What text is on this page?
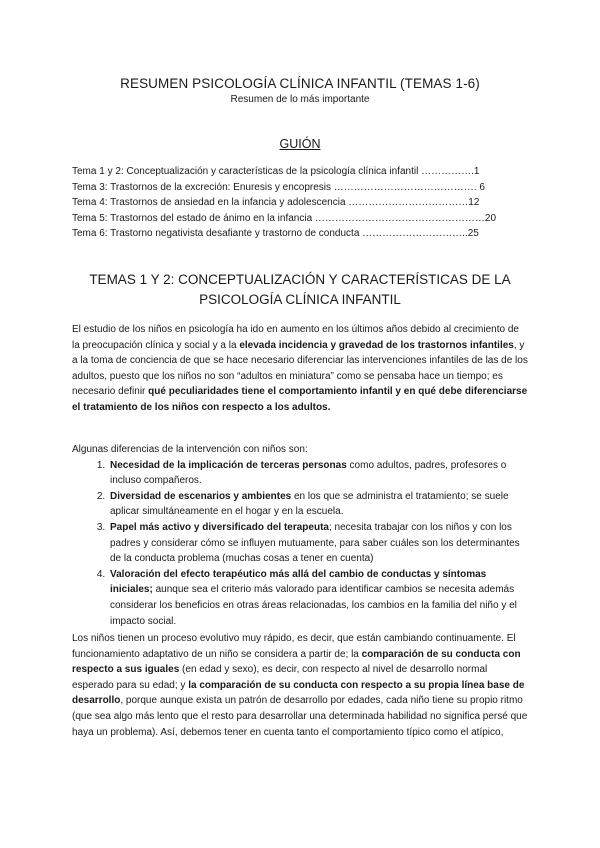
RESUMEN PSICOLOGÍA CLÍNICA INFANTIL (TEMAS 1-6)
Resumen de lo más importante
GUIÓN
Tema 1 y 2: Conceptualización y características de la psicología clínica infantil …………….1
Tema 3: Trastornos de la excreción: Enuresis y encopresis ……………………………………. 6
Tema 4: Trastornos de ansiedad en la infancia y adolescencia ………………………………12
Tema 5: Trastornos del estado de ánimo en la infancia ……………………………………………20
Tema 6: Trastorno negativista desafiante y trastorno de conducta …………………………..25
TEMAS 1 Y 2: CONCEPTUALIZACIÓN Y CARACTERÍSTICAS DE LA PSICOLOGÍA CLÍNICA INFANTIL

El estudio de los niños en psicología ha ido en aumento en los últimos años debido al crecimiento de la preocupación clínica y social y a la elevada incidencia y gravedad de los trastornos infantiles, y a la toma de conciencia de que se hace necesario diferenciar las intervenciones infantiles de las de los adultos, puesto que los niños no son “adultos en miniatura” como se pensaba hace un tiempo; es necesario definir qué peculiaridades tiene el comportamiento infantil y en qué debe diferenciarse el tratamiento de los niños con respecto a los adultos.

Algunas diferencias de la intervención con niños son:

1. Necesidad de la implicación de terceras personas como adultos, padres, profesores o incluso compañeros.
2. Diversidad de escenarios y ambientes en los que se administra el tratamiento; se suele aplicar simultáneamente en el hogar y en la escuela.
3. Papel más activo y diversificado del terapeuta; necesita trabajar con los niños y con los padres y considerar cómo se influyen mutuamente, para saber cuáles son los determinantes de la conducta problema (muchas cosas a tener en cuenta)
4. Valoración del efecto terapéutico más allá del cambio de conductas y síntomas iniciales; aunque sea el criterio más valorado para identificar cambios se necesita además considerar los beneficios en otras áreas relacionadas, los cambios en la familia del niño y el impacto social.

Los niños tienen un proceso evolutivo muy rápido, es decir, que están cambiando continuamente. El funcionamiento adaptativo de un niño se considera a partir de; la comparación de su conducta con respecto a sus iguales (en edad y sexo), es decir, con respecto al nivel de desarrollo normal esperado para su edad; y la comparación de su conducta con respecto a su propia línea base de desarrollo, porque aunque exista un patrón de desarrollo por edades, cada niño tiene su propio ritmo (que sea algo más lento que el resto para desarrollar una determinada habilidad no significa persé que haya un problema). Así, debemos tener en cuenta tanto el comportamiento típico como el atípico,
